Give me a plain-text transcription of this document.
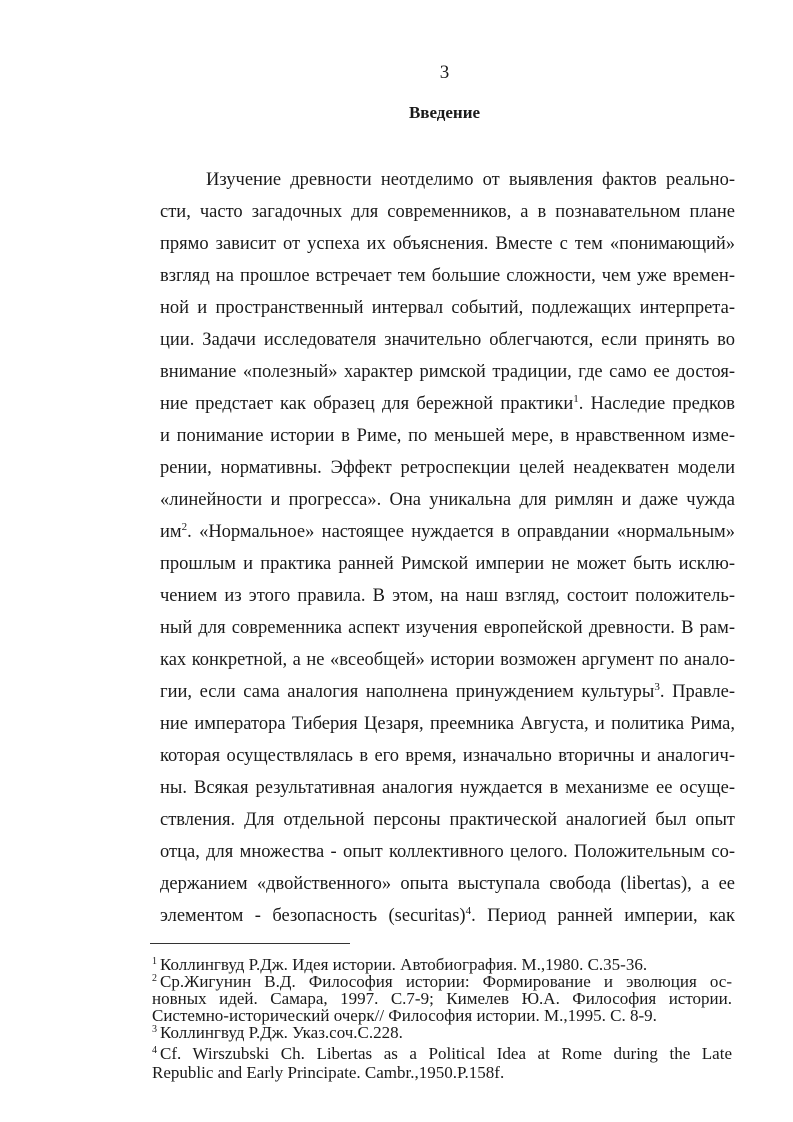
3
Введение
Изучение древности неотделимо от выявления фактов реально-
сти, часто загадочных для современников, а в познавательном плане
прямо зависит от успеха их объяснения. Вместе с тем «понимающий»
взгляд на прошлое встречает тем большие сложности, чем уже времен-
ной и пространственный интервал событий, подлежащих интерпрета-
ции. Задачи исследователя значительно облегчаются, если принять во
внимание «полезный» характер римской традиции, где само ее достоя-
ние предстает как образец для бережной практики$^1$. Наследие предков
и понимание истории в Риме, по меньшей мере, в нравственном изме-
рении, нормативны. Эффект ретроспекции целей неадекватен модели
«линейности и прогресса». Она уникальна для римлян и даже чужда
$им^2$. «Нормальное» настоящее нуждается в оправдании «нормальным»
прошлым и практика ранней Римской империи не может быть исклю-
чением из этого правила. В этом, на наш взгляд, состоит положитель-
ный для современника аспект изучения европейской древности. В рам-
ках конкретной, а не «всеобщей» истории возможен аргумент по анало-
гии, если сама аналогия наполнена принуждением культуры$^3$. Правле-
ние императора Тиберия Цезаря, преемника Августа, и политика Рима,
которая осуществлялась в его время, изначально вторичны и аналогич-
ны. Всякая результативная аналогия нуждается в механизме ее осуще-
ствления. Для отдельной персоны практической аналогией был опыт
отца, для множества - опыт коллективного целого. Положительным со-
держанием «двойственного» опыта выступала свобода (libertas), а ее
элементом - безопасность (securitas)$^4$. Период ранней империи, как
$^1$ Коллингвуд Р.Дж. Идея истории. Автобиография. М.,1980. С.35-36.
$^2$ Ср.Жигунин В.Д. Философия истории: Формирование и эволюция ос-
новных идей. Самара, 1997. С.7-9; Кимелев Ю.А. Философия истории.
Системно-исторический очерк// Философия истории. М.,1995. С. 8-9.
$^3$ Коллингвуд Р.Дж. Указ.соч.С.228.
$^4$ Cf. Wirszubski Ch. Libertas as a Political Idea at Rome during the Late
Republic and Early Principate. Cambr.,1950.P.158f.
